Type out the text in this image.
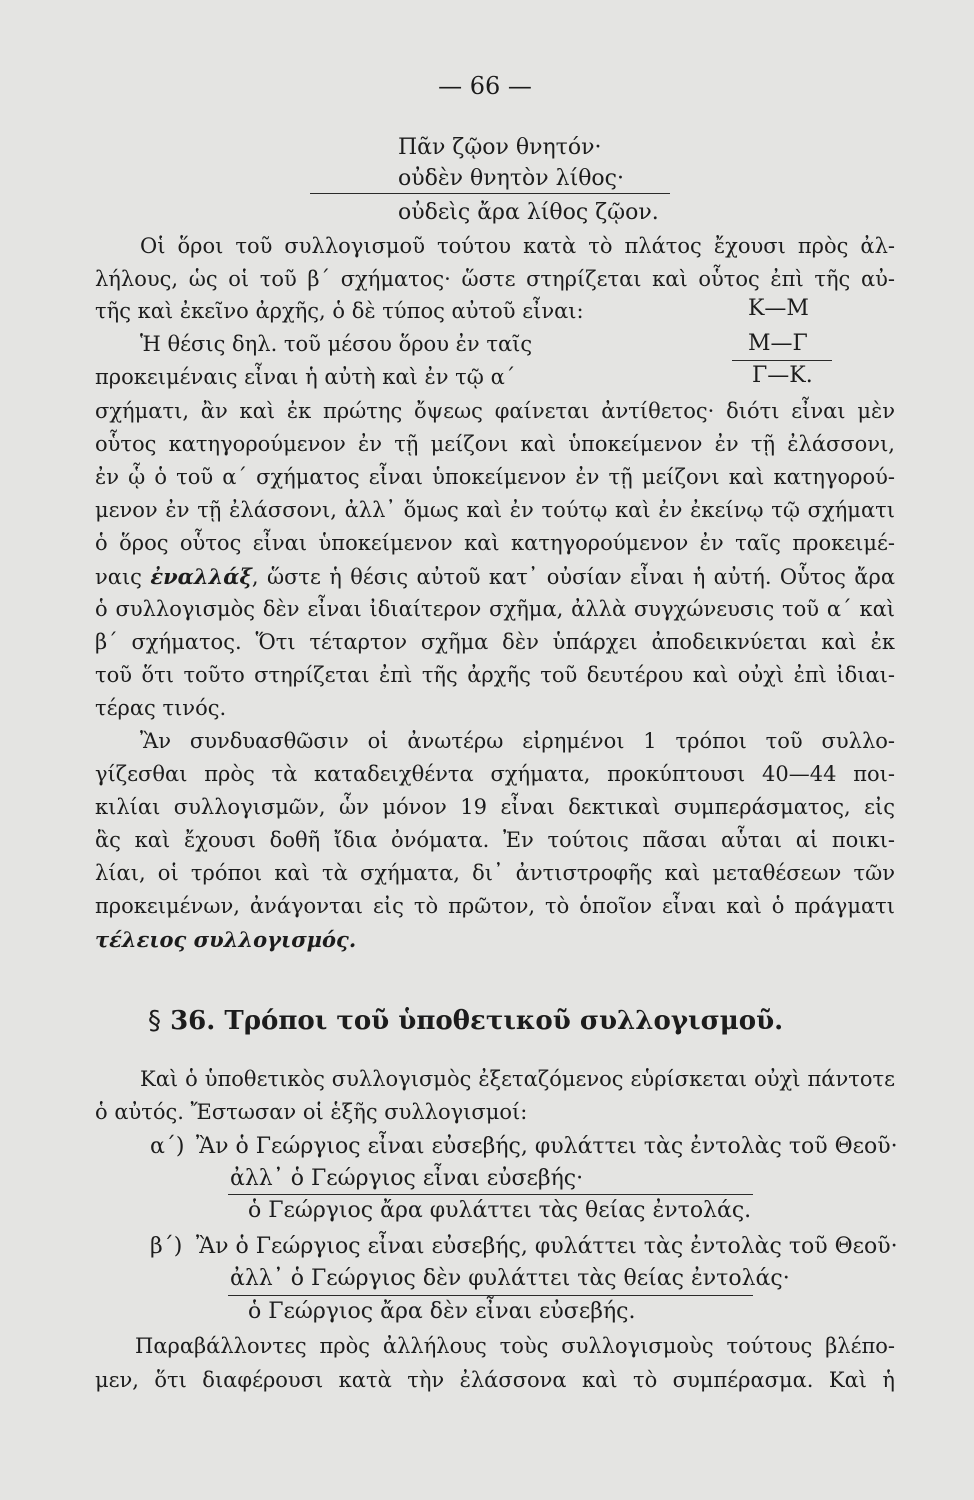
— 66 —
Πᾶν ζῷον θνητόν·
οὐδὲν θνητὸν λίθος·
οὐδεὶς ἄρα λίθος ζῷον.
Οἱ ὅροι τοῦ συλλογισμοῦ τούτου κατὰ τὸ πλάτος ἔχουσι πρὸς ἀλ-
λήλους, ὡς οἱ τοῦ β΄ σχήματος· ὥστε στηρίζεται καὶ οὗτος ἐπὶ τῆς αὐ-
τῆς καὶ ἐκεῖνο ἀρχῆς, ὁ δὲ τύπος αὐτοῦ εἶναι:	Κ—Μ
Ἡ θέσις δηλ. τοῦ μέσου ὅρου ἐν ταῖς	Μ—Γ
προκειμέναις εἶναι ἡ αὐτὴ καὶ ἐν τῷ α΄	Γ—Κ.
σχήματι, ἂν καὶ ἐκ πρώτης ὄψεως φαίνεται ἀντίθετος· διότι εἶναι μὲν
οὗτος κατηγορούμενον ἐν τῇ μείζονι καὶ ὑποκείμενον ἐν τῇ ἐλάσσονι,
ἐν ᾧ ὁ τοῦ α΄ σχήματος εἶναι ὑποκείμενον ἐν τῇ μείζονι καὶ κατηγορού-
μενον ἐν τῇ ἐλάσσονι, ἀλλ᾽ ὅμως καὶ ἐν τούτῳ καὶ ἐν ἐκείνῳ τῷ σχήματι
ὁ ὅρος οὗτος εἶναι ὑποκείμενον καὶ κατηγορούμενον ἐν ταῖς προκειμέ-
ναις ἐναλλάξ, ὥστε ἡ θέσις αὐτοῦ κατ᾽ οὐσίαν εἶναι ἡ αὐτή. Οὗτος ἄρα
ὁ συλλογισμὸς δὲν εἶναι ἰδιαίτερον σχῆμα, ἀλλὰ συγχώνευσις τοῦ α΄ καὶ
β΄ σχήματος. Ὅτι τέταρτον σχῆμα δὲν ὑπάρχει ἀποδεικνύεται καὶ ἐκ
τοῦ ὅτι τοῦτο στηρίζεται ἐπὶ τῆς ἀρχῆς τοῦ δευτέρου καὶ οὐχὶ ἐπὶ ἰδιαι-
τέρας τινός.
Ἂν συνδυασθῶσιν οἱ ἀνωτέρω εἰρημένοι 1 τρόποι τοῦ συλλο-
γίζεσθαι πρὸς τὰ καταδειχθέντα σχήματα, προκύπτουσι 40—44 ποι-
κιλίαι συλλογισμῶν, ὧν μόνον 19 εἶναι δεκτικαὶ συμπεράσματος, εἰς
ἃς καὶ ἔχουσι δοθῆ ἴδια ὀνόματα. Ἐν τούτοις πᾶσαι αὗται αἱ ποικι-
λίαι, οἱ τρόποι καὶ τὰ σχήματα, δι᾽ ἀντιστροφῆς καὶ μεταθέσεων τῶν
προκειμένων, ἀνάγονται εἰς τὸ πρῶτον, τὸ ὁποῖον εἶναι καὶ ὁ πράγματι
τέλειος συλλογισμός.
§ 36. Τρόποι τοῦ ὑποθετικοῦ συλλογισμοῦ.
Καὶ ὁ ὑποθετικὸς συλλογισμὸς ἐξεταζόμενος εὑρίσκεται οὐχὶ πάντοτε
ὁ αὐτός. Ἔστωσαν οἱ ἑξῆς συλλογισμοί:
α΄) Ἂν ὁ Γεώργιος εἶναι εὐσεβής, φυλάττει τὰς ἐντολὰς τοῦ Θεοῦ·
ἀλλ᾽ ὁ Γεώργιος εἶναι εὐσεβής·
ὁ Γεώργιος ἄρα φυλάττει τὰς θείας ἐντολάς.
β΄) Ἂν ὁ Γεώργιος εἶναι εὐσεβής, φυλάττει τὰς ἐντολὰς τοῦ Θεοῦ·
ἀλλ᾽ ὁ Γεώργιος δὲν φυλάττει τὰς θείας ἐντολάς·
ὁ Γεώργιος ἄρα δὲν εἶναι εὐσεβής.
Παραβάλλοντες πρὸς ἀλλήλους τοὺς συλλογισμοὺς τούτους βλέπο-
μεν, ὅτι διαφέρουσι κατὰ τὴν ἐλάσσονα καὶ τὸ συμπέρασμα. Καὶ ἡ
